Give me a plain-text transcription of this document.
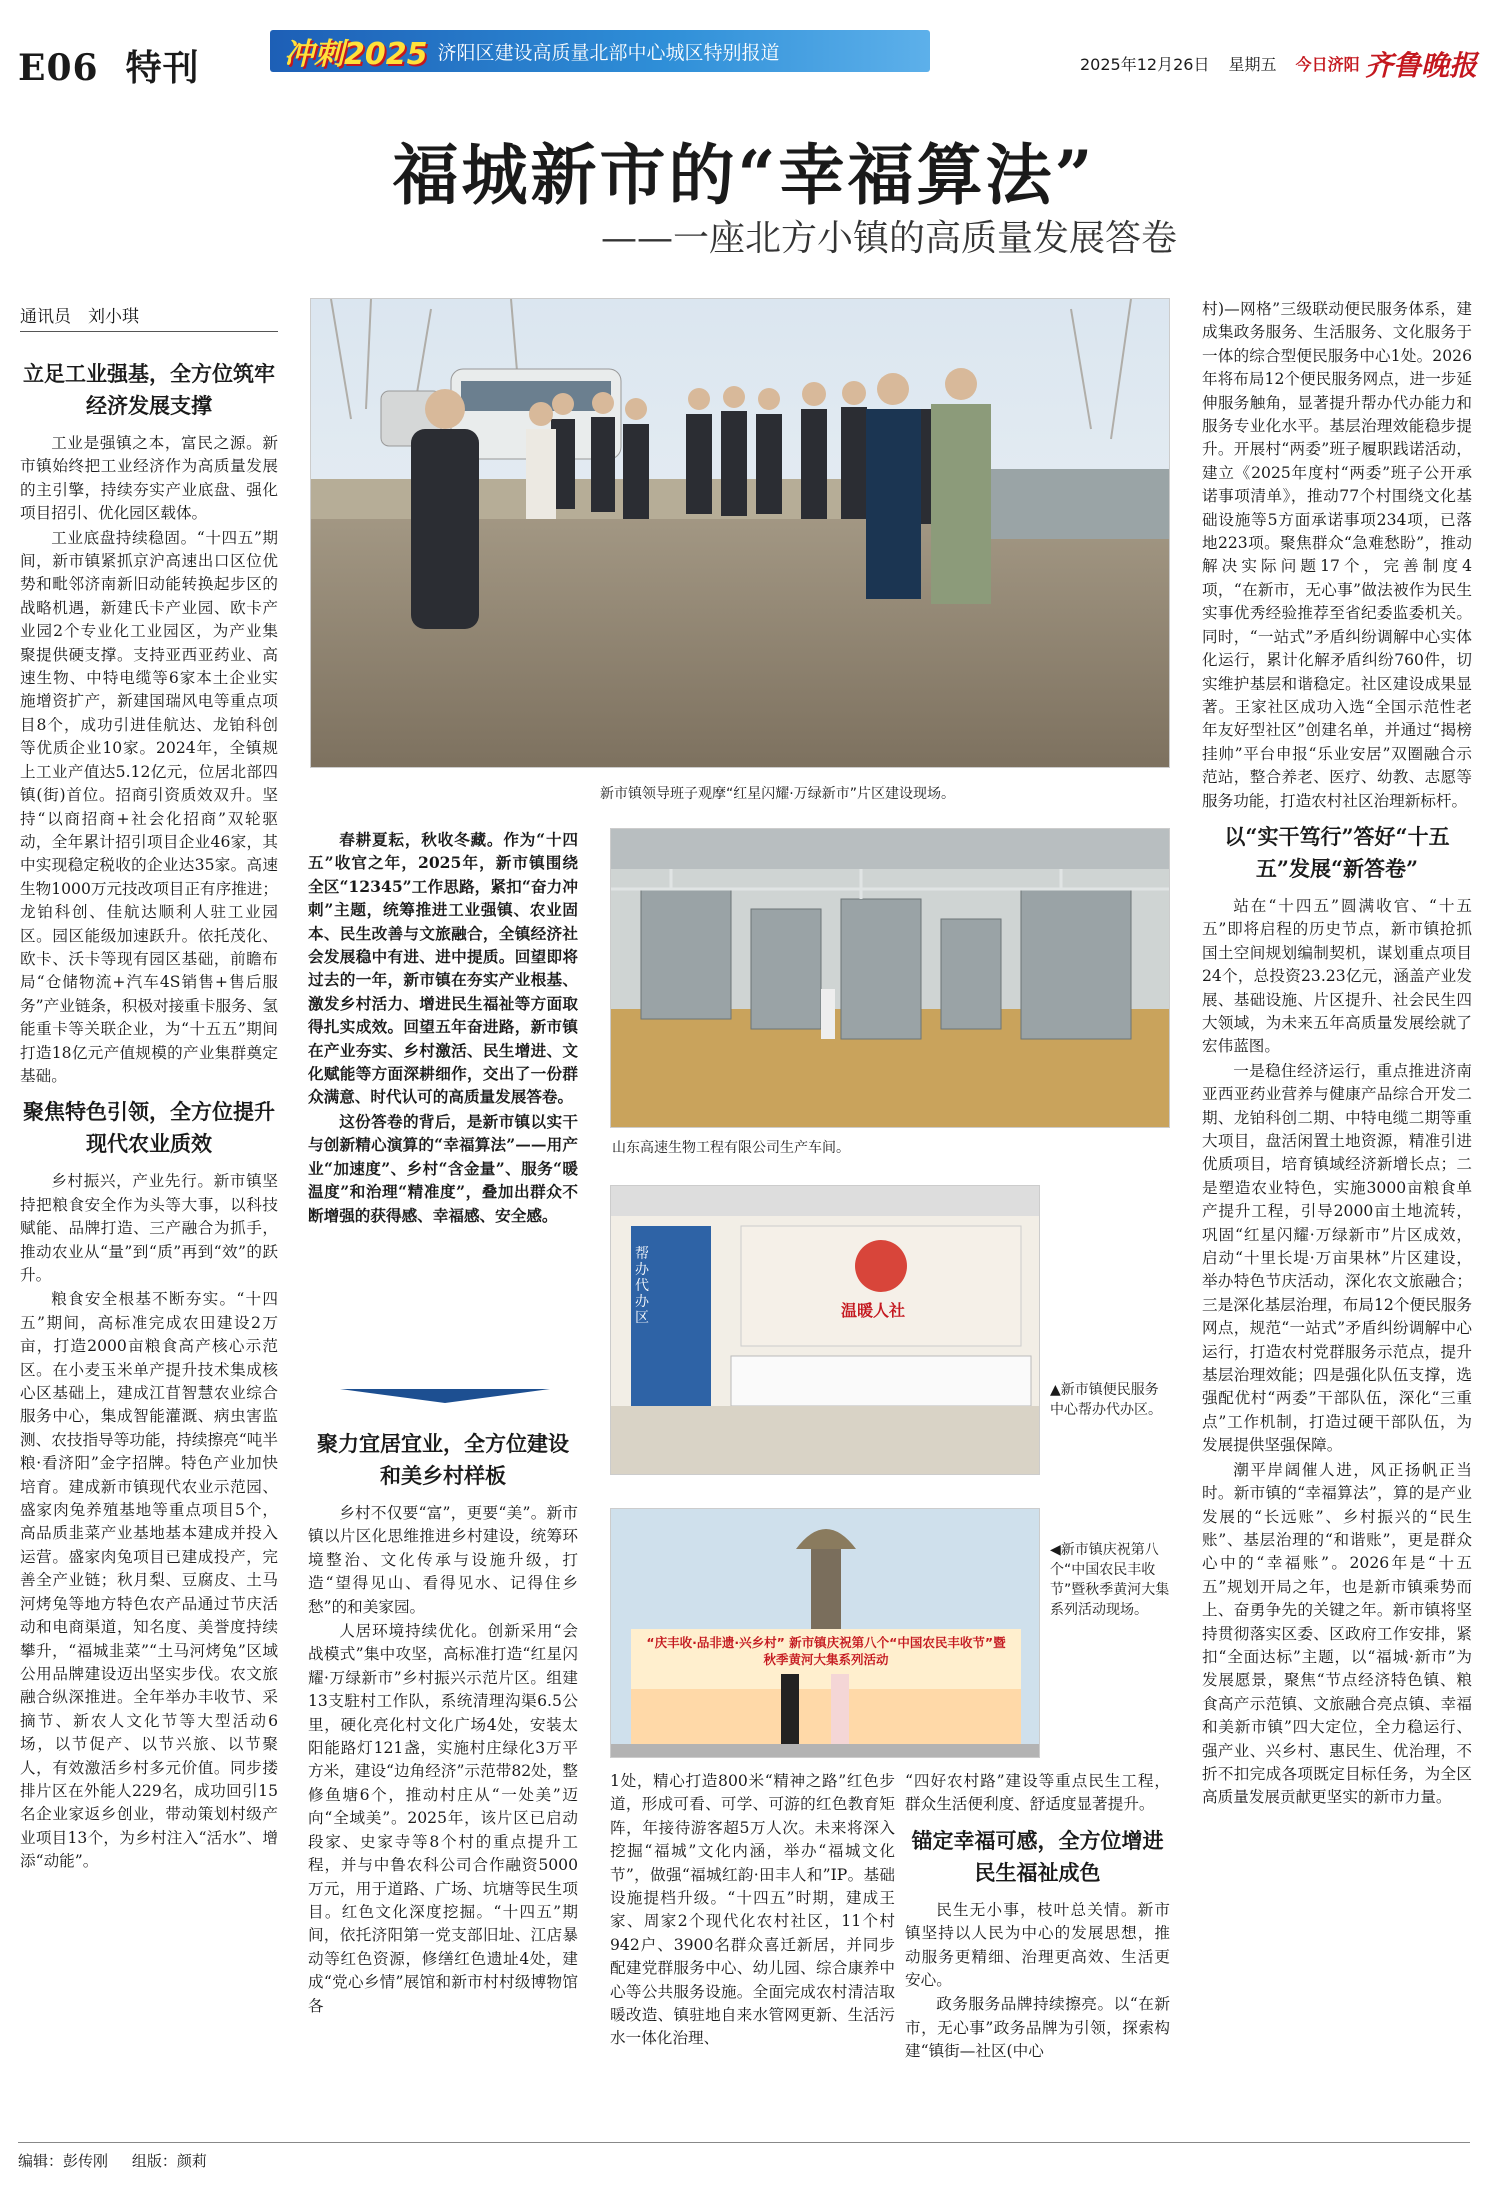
E06 特刊	冲刺2025 济阳区建设高质量北部中心城区特别报道
2025年12月26日 星期五 今日济阳 齐鲁晚报
福城新市的“幸福算法”
——一座北方小镇的高质量发展答卷
通讯员　刘小琪
立足工业强基，全方位筑牢经济发展支撑

工业是强镇之本，富民之源。新市镇始终把工业经济作为高质量发展的主引擎，持续夯实产业底盘、强化项目招引、优化园区载体。

工业底盘持续稳固。“十四五”期间，新市镇紧抓京沪高速出口区位优势和毗邻济南新旧动能转换起步区的战略机遇，新建氏卡产业园、欧卡产业园2个专业化工业园区，为产业集聚提供硬支撑。支持亚西亚药业、高速生物、中特电缆等6家本土企业实施增资扩产，新建国瑞风电等重点项目8个，成功引进佳航达、龙铂科创等优质企业10家。2024年，全镇规上工业产值达5.12亿元，位居北部四镇(街)首位。招商引资质效双升。坚持“以商招商+社会化招商”双轮驱动，全年累计招引项目企业46家，其中实现稳定税收的企业达35家。高速生物1000万元技改项目正有序推进；龙铂科创、佳航达顺利人驻工业园区。园区能级加速跃升。依托茂化、欧卡、沃卡等现有园区基础，前瞻布局“仓储物流+汽车4S销售+售后服务”产业链条，积极对接重卡服务、氢能重卡等关联企业，为“十五五”期间打造18亿元产值规模的产业集群奠定基础。

聚焦特色引领，全方位提升现代农业质效

乡村振兴，产业先行。新市镇坚持把粮食安全作为头等大事，以科技赋能、品牌打造、三产融合为抓手，推动农业从“量”到“质”再到“效”的跃升。

粮食安全根基不断夯实。“十四五”期间，高标准完成农田建设2万亩，打造2000亩粮食高产核心示范区。在小麦玉米单产提升技术集成核心区基础上，建成江苜智慧农业综合服务中心，集成智能灌溉、病虫害监测、农技指导等功能，持续擦亮“吨半粮·看济阳”金字招牌。特色产业加快培育。建成新市镇现代农业示范园、盛家肉兔养殖基地等重点项目5个，高品质韭菜产业基地基本建成并投入运营。盛家肉兔项目已建成投产，完善全产业链；秋月梨、豆腐皮、土马河烤兔等地方特色农产品通过节庆活动和电商渠道，知名度、美誉度持续攀升，“福城韭菜”“土马河烤兔”区域公用品牌建设迈出坚实步伐。农文旅融合纵深推进。全年举办丰收节、采摘节、新农人文化节等大型活动6场，以节促产、以节兴旅、以节聚人，有效激活乡村多元价值。同步搂排片区在外能人229名，成功回引15名企业家返乡创业，带动策划村级产业项目13个，为乡村注入“活水”、增添“动能”。

新市镇领导班子观摩“红星闪耀·万绿新市”片区建设现场。

春耕夏耘，秋收冬藏。作为“十四五”收官之年，2025年，新市镇围绕全区“12345”工作思路，紧扣“奋力冲刺”主题，统筹推进工业强镇、农业固本、民生改善与文旅融合，全镇经济社会发展稳中有进、进中提质。回望即将过去的一年，新市镇在夯实产业根基、激发乡村活力、增进民生福祉等方面取得扎实成效。回望五年奋进路，新市镇在产业夯实、乡村激活、民生增进、文化赋能等方面深耕细作，交出了一份群众满意、时代认可的高质量发展答卷。

这份答卷的背后，是新市镇以实干与创新精心演算的“幸福算法”——用产业“加速度”、乡村“含金量”、服务“暖温度”和治理“精准度”，叠加出群众不断增强的获得感、幸福感、安全感。

聚力宜居宜业，全方位建设和美乡村样板

乡村不仅要“富”，更要“美”。新市镇以片区化思维推进乡村建设，统筹环境整治、文化传承与设施升级，打造“望得见山、看得见水、记得住乡愁”的和美家园。

人居环境持续优化。创新采用“会战模式”集中攻坚，高标准打造“红星闪耀·万绿新市”乡村振兴示范片区。组建13支駐村工作队，系统清理沟渠6.5公里，硬化亮化村文化广场4处，安装太阳能路灯121盏，实施村庄绿化3万平方米，建设“边角经济”示范带82处，整修鱼塘6个，推动村庄从“一处美”迈向“全域美”。2025年，该片区已启动段家、史家寺等8个村的重点提升工程，并与中鲁农科公司合作融资5000万元，用于道路、广场、坑塘等民生项目。红色文化深度挖掘。“十四五”期间，依托济阳第一党支部旧址、江店暴动等红色资源，修缮红色遗址4处，建成“党心乡情”展馆和新市村村级博物馆各

山东高速生物工程有限公司生产车间。
帮办代办区	温暖人社
▲新市镇便民服务中心帮办代办区。
“庆丰收·品非遗·兴乡村” 新市镇庆祝第八个“中国农民丰收节”暨秋季黄河大集系列活动
◀新市镇庆祝第八个“中国农民丰收节”暨秋季黄河大集系列活动现场。

1处，精心打造800米“精神之路”红色步道，形成可看、可学、可游的红色教育矩阵，年接待游客超5万人次。未来将深入挖掘“福城”文化内涵，举办“福城文化节”，做强“福城红韵·田丰人和”IP。基础设施提档升级。“十四五”时期，建成王家、周家2个现代化农村社区，11个村942户、3900名群众喜迁新居，并同步配建党群服务中心、幼儿园、综合康养中心等公共服务设施。全面完成农村清洁取暖改造、镇驻地自来水管网更新、生活污水一体化治理、

“四好农村路”建设等重点民生工程，群众生活便利度、舒适度显著提升。

锚定幸福可感，全方位增进民生福祉成色

民生无小事，枝叶总关情。新市镇坚持以人民为中心的发展思想，推动服务更精细、治理更高效、生活更安心。

政务服务品牌持续擦亮。以“在新市，无心事”政务品牌为引领，探索构建“镇街—社区(中心

村)—网格”三级联动便民服务体系，建成集政务服务、生活服务、文化服务于一体的综合型便民服务中心1处。2026年将布局12个便民服务网点，进一步延伸服务触角，显著提升帮办代办能力和服务专业化水平。基层治理效能稳步提升。开展村“两委”班子履职践诺活动，建立《2025年度村“两委”班子公开承诺事项清单》，推动77个村围绕文化基础设施等5方面承诺事项234项，已落地223项。聚焦群众“急难愁盼”，推动解决实际问题17个，完善制度4项，“在新市，无心事”做法被作为民生实事优秀经验推荐至省纪委监委机关。同时，“一站式”矛盾纠纷调解中心实体化运行，累计化解矛盾纠纷760件，切实维护基层和谐稳定。社区建设成果显著。王家社区成功入选“全国示范性老年友好型社区”创建名单，并通过“揭榜挂帅”平台申报“乐业安居”双圈融合示范站，整合养老、医疗、幼教、志愿等服务功能，打造农村社区治理新标杆。

以“实干笃行”答好“十五五”发展“新答卷”

站在“十四五”圆满收官、“十五五”即将启程的历史节点，新市镇抢抓国土空间规划编制契机，谋划重点项目24个，总投资23.23亿元，涵盖产业发展、基础设施、片区提升、社会民生四大领域，为未来五年高质量发展绘就了宏伟蓝图。

一是稳住经济运行，重点推进济南亚西亚药业营养与健康产品综合开发二期、龙铂科创二期、中特电缆二期等重大项目，盘活闲置土地资源，精准引进优质项目，培育镇域经济新增长点；二是塑造农业特色，实施3000亩粮食单产提升工程，引导2000亩土地流转，巩固“红星闪耀·万绿新市”片区成效，启动“十里长堤·万亩果林”片区建设，举办特色节庆活动，深化农文旅融合；三是深化基层治理，布局12个便民服务网点，规范“一站式”矛盾纠纷调解中心运行，打造农村党群服务示范点，提升基层治理效能；四是强化队伍支撑，选强配优村“两委”干部队伍，深化“三重点”工作机制，打造过硬干部队伍，为发展提供坚强保障。

潮平岸阔催人进，风正扬帆正当时。新市镇的“幸福算法”，算的是产业发展的“长远账”、乡村振兴的“民生账”、基层治理的“和谐账”，更是群众心中的“幸福账”。2026年是“十五五”规划开局之年，也是新市镇乘势而上、奋勇争先的关键之年。新市镇将坚持贯彻落实区委、区政府工作安排，紧扣“全面达标”主题，以“福城·新市”为发展愿景，聚焦“节点经济特色镇、粮食高产示范镇、文旅融合亮点镇、幸福和美新市镇”四大定位，全力稳运行、强产业、兴乡村、惠民生、优治理，不折不扣完成各项既定目标任务，为全区高质量发展贡献更坚实的新市力量。

编辑：彭传刚 组版：颜莉
